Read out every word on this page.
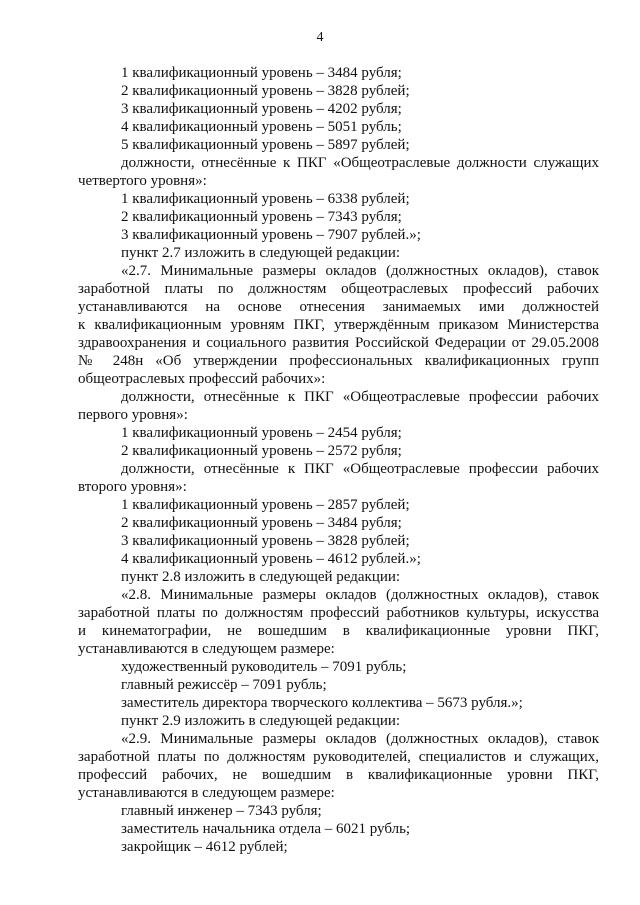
4
1 квалификационный уровень – 3484 рубля;
2 квалификационный уровень – 3828 рублей;
3 квалификационный уровень – 4202 рубля;
4 квалификационный уровень – 5051 рубль;
5 квалификационный уровень – 5897 рублей;
должности, отнесённые к ПКГ «Общеотраслевые должности служащих
четвертого уровня»:
1 квалификационный уровень – 6338 рублей;
2 квалификационный уровень – 7343 рубля;
3 квалификационный уровень – 7907 рублей.»;
пункт 2.7 изложить в следующей редакции:
«2.7. Минимальные размеры окладов (должностных окладов), ставок
заработной платы по должностям общеотраслевых профессий рабочих
устанавливаются на основе отнесения занимаемых ими должностей
к квалификационным уровням ПКГ, утверждённым приказом Министерства
здравоохранения и социального развития Российской Федерации от 29.05.2008
№ 248н «Об утверждении профессиональных квалификационных групп
общеотраслевых профессий рабочих»:
должности, отнесённые к ПКГ «Общеотраслевые профессии рабочих
первого уровня»:
1 квалификационный уровень – 2454 рубля;
2 квалификационный уровень – 2572 рубля;
должности, отнесённые к ПКГ «Общеотраслевые профессии рабочих
второго уровня»:
1 квалификационный уровень – 2857 рублей;
2 квалификационный уровень – 3484 рубля;
3 квалификационный уровень – 3828 рублей;
4 квалификационный уровень – 4612 рублей.»;
пункт 2.8 изложить в следующей редакции:
«2.8. Минимальные размеры окладов (должностных окладов), ставок
заработной платы по должностям профессий работников культуры, искусства
и кинематографии, не вошедшим в квалификационные уровни ПКГ,
устанавливаются в следующем размере:
художественный руководитель – 7091 рубль;
главный режиссёр – 7091 рубль;
заместитель директора творческого коллектива – 5673 рубля.»;
пункт 2.9 изложить в следующей редакции:
«2.9. Минимальные размеры окладов (должностных окладов), ставок
заработной платы по должностям руководителей, специалистов и служащих,
профессий рабочих, не вошедшим в квалификационные уровни ПКГ,
устанавливаются в следующем размере:
главный инженер – 7343 рубля;
заместитель начальника отдела – 6021 рубль;
закройщик – 4612 рублей;
